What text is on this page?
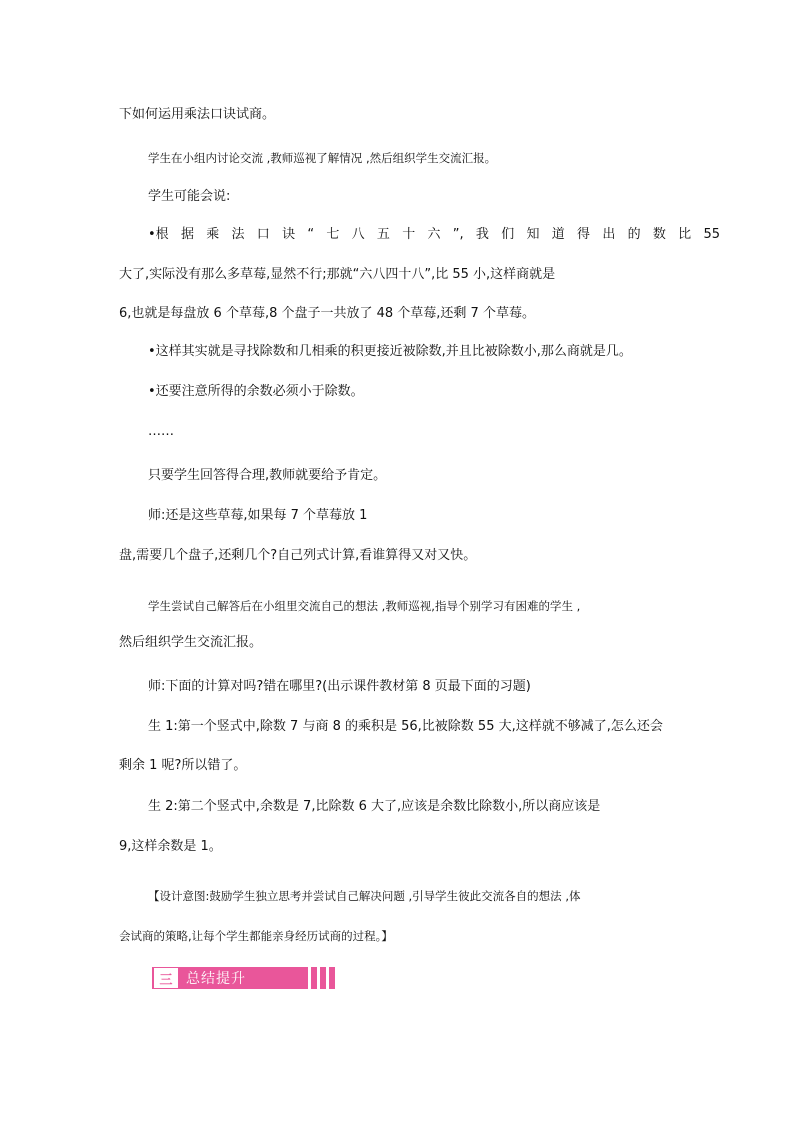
下如何运用乘法口诀试商。
学生在小组内讨论交流 ,教师巡视了解情况 ,然后组织学生交流汇报。
学生可能会说:
•根 据 乘 法 口 诀 “ 七 八 五 十 六 ”, 我 们 知 道 得 出 的 数 比 55
大了,实际没有那么多草莓,显然不行;那就“六八四十八”,比 55 小,这样商就是
6,也就是每盘放 6 个草莓,8 个盘子一共放了 48 个草莓,还剩 7 个草莓。
•这样其实就是寻找除数和几相乘的积更接近被除数,并且比被除数小,那么商就是几。
•还要注意所得的余数必须小于除数。
……
只要学生回答得合理,教师就要给予肯定。
师:还是这些草莓,如果每 7 个草莓放 1
盘,需要几个盘子,还剩几个?自己列式计算,看谁算得又对又快。
学生尝试自己解答后在小组里交流自己的想法 ,教师巡视,指导个别学习有困难的学生 ,
然后组织学生交流汇报。
师:下面的计算对吗?错在哪里?(出示课件教材第 8 页最下面的习题)
生 1:第一个竖式中,除数 7 与商 8 的乘积是 56,比被除数 55 大,这样就不够减了,怎么还会
剩余 1 呢?所以错了。
生 2:第二个竖式中,余数是 7,比除数 6 大了,应该是余数比除数小,所以商应该是
9,这样余数是 1。
【设计意图:鼓励学生独立思考并尝试自己解决问题 ,引导学生彼此交流各自的想法 ,体
会试商的策略,让每个学生都能亲身经历试商的过程。】
三 总结提升
